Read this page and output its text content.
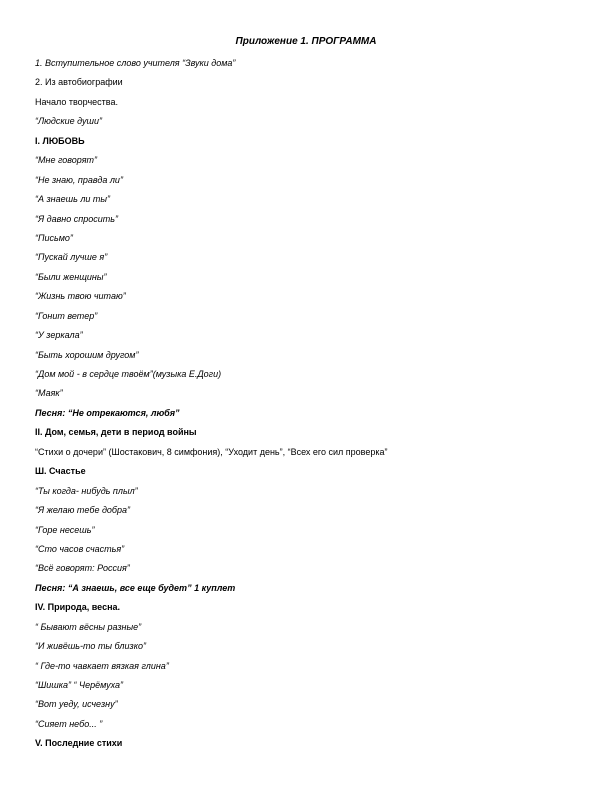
Приложение 1. ПРОГРАММА
1. Вступительное слово учителя “Звуки дома”
2. Из автобиографии
Начало творчества.
“Людские души”
I. ЛЮБОВЬ
“Мне говорят”
“Не знаю, правда ли”
“А знаешь ли ты”
“Я давно спросить”
“Письмо”
“Пускай лучше я”
“Были женщины”
“Жизнь твою читаю”
“Гонит ветер”
“У зеркала”
“Быть хорошим другом”
“Дом мой - в сердце твоём”(музыка Е.Доги)
“Маяк”
Песня: “Не отрекаются, любя”
II. Дом, семья, дети в период войны
“Стихи о дочери” (Шостакович, 8 симфония), “Уходит день”, “Всех его сил проверка”
Ш. Счастье
“Ты когда- нибудь плыл”
“Я желаю тебе добра”
“Горе несешь”
“Сто часов счастья”
“Всё говорят: Россия”
Песня: “А знаешь, все еще будет” 1 куплет
IV. Природа, весна.
“ Бывают вёсны разные”
“И живёшь-то ты близко”
“ Где-то чавкает вязкая глина”
“Шишка” “ Черёмуха”
“Вот уеду, исчезну”
“Сияет небо... ”
V. Последние стихи
